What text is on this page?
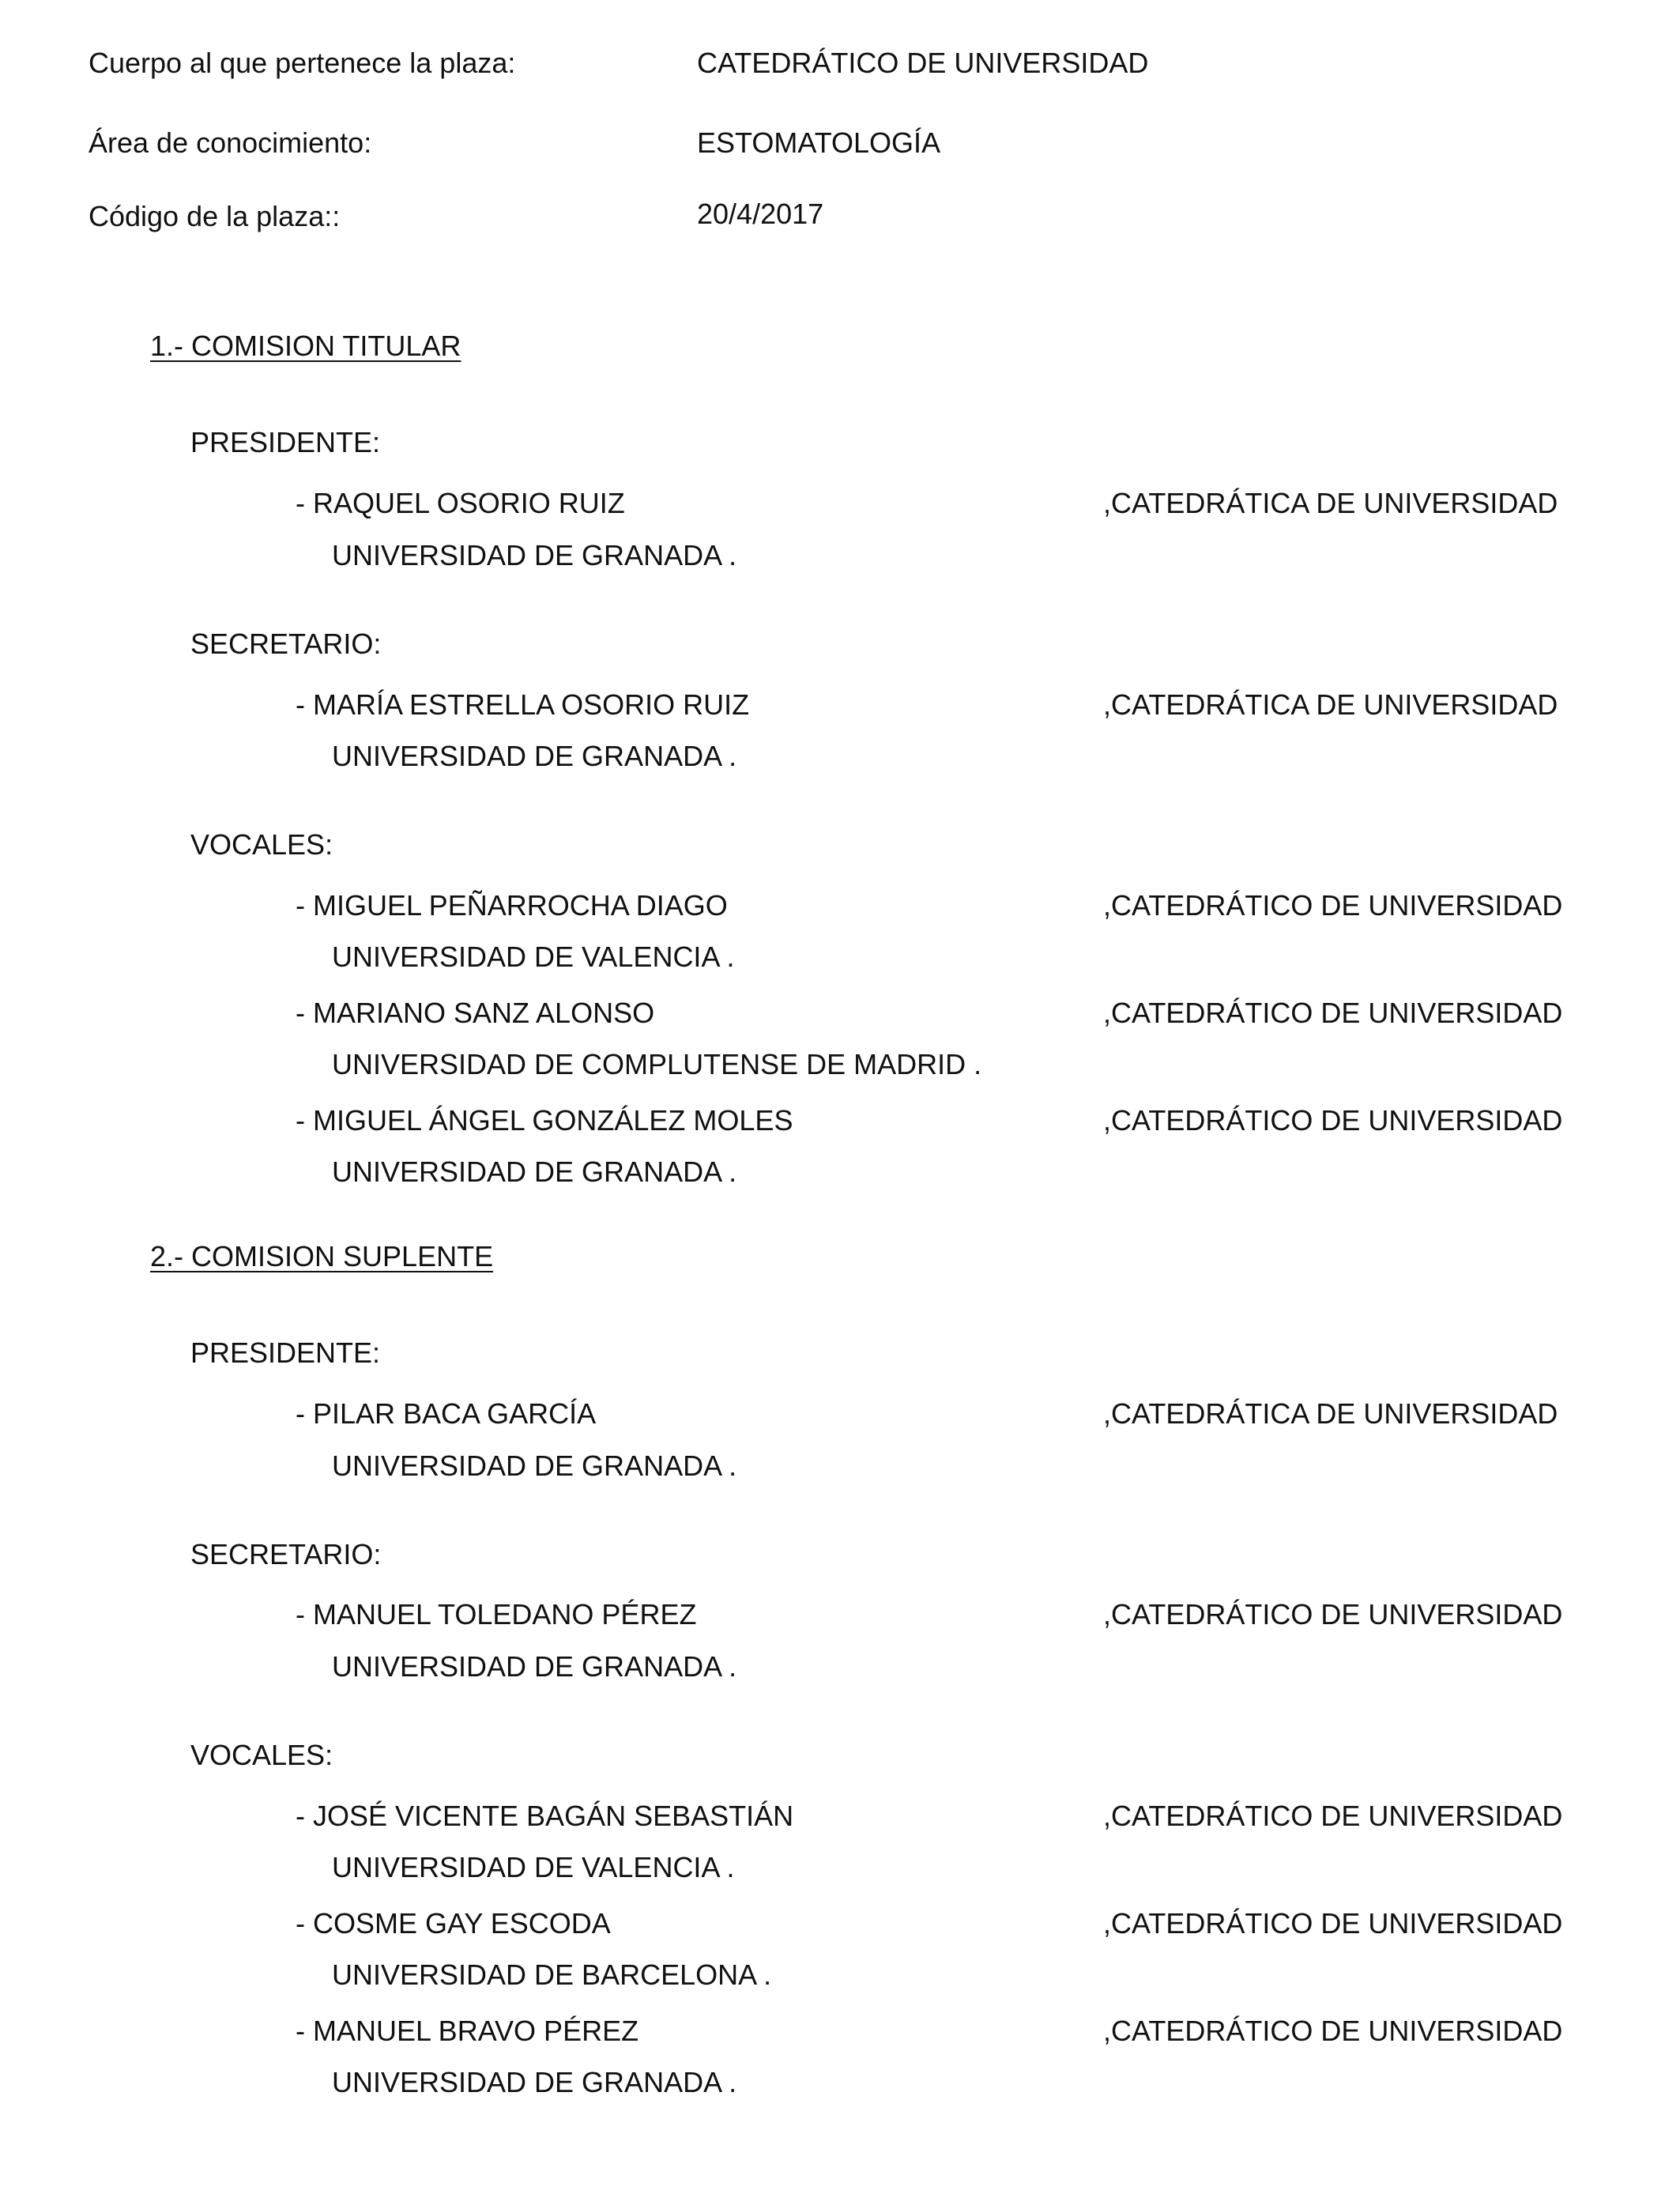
Cuerpo al que pertenece la plaza:	CATEDRÁTICO DE UNIVERSIDAD
Área de conocimiento:	ESTOMATOLOGÍA
Código de la plaza::	20/4/2017
1.- COMISION TITULAR
PRESIDENTE:
- RAQUEL OSORIO RUIZ	,CATEDRÁTICA DE UNIVERSIDAD
UNIVERSIDAD DE GRANADA .
SECRETARIO:
- MARÍA ESTRELLA OSORIO RUIZ	,CATEDRÁTICA DE UNIVERSIDAD
UNIVERSIDAD DE GRANADA .
VOCALES:
- MIGUEL PEÑARROCHA DIAGO	,CATEDRÁTICO DE UNIVERSIDAD
UNIVERSIDAD DE VALENCIA .
- MARIANO SANZ ALONSO	,CATEDRÁTICO DE UNIVERSIDAD
UNIVERSIDAD DE COMPLUTENSE DE MADRID .
- MIGUEL ÁNGEL GONZÁLEZ MOLES	,CATEDRÁTICO DE UNIVERSIDAD
UNIVERSIDAD DE GRANADA .
2.- COMISION SUPLENTE
PRESIDENTE:
- PILAR BACA GARCÍA	,CATEDRÁTICA DE UNIVERSIDAD
UNIVERSIDAD DE GRANADA .
SECRETARIO:
- MANUEL TOLEDANO PÉREZ	,CATEDRÁTICO DE UNIVERSIDAD
UNIVERSIDAD DE GRANADA .
VOCALES:
- JOSÉ VICENTE BAGÁN SEBASTIÁN	,CATEDRÁTICO DE UNIVERSIDAD
UNIVERSIDAD DE VALENCIA .
- COSME GAY ESCODA	,CATEDRÁTICO DE UNIVERSIDAD
UNIVERSIDAD DE BARCELONA .
- MANUEL BRAVO PÉREZ	,CATEDRÁTICO DE UNIVERSIDAD
UNIVERSIDAD DE GRANADA .
